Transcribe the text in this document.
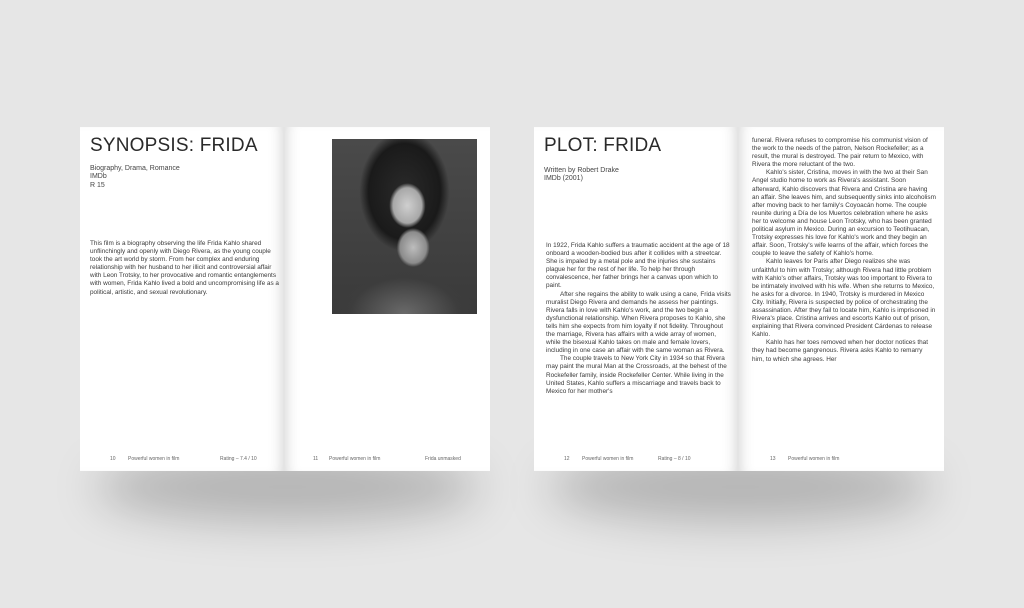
SYNOPSIS: FRIDA
Biography, Drama, Romance
IMDb
R 15

This film is a biography observing the life Frida Kahlo shared unflinchingly and openly with Diego Rivera, as the young couple took the art world by storm. From her complex and enduring relationship with her husband to her illicit and controversial affair with Leon Trotsky, to her provocative and romantic entanglements with women, Frida Kahlo lived a bold and uncompromising life as a political, artistic, and sexual revolutionary.

10 Powerful women in film	Rating – 7.4 / 10	11 Powerful women in film	Frida unmasked
PLOT: FRIDA
Written by Robert Drake
IMDb (2001)

In 1922, Frida Kahlo suffers a traumatic accident at the age of 18 onboard a wooden-bodied bus after it collides with a streetcar. She is impaled by a metal pole and the injuries she sustains plague her for the rest of her life. To help her through convalescence, her father brings her a canvas upon which to paint.

After she regains the ability to walk using a cane, Frida visits muralist Diego Rivera and demands he assess her paintings. Rivera falls in love with Kahlo's work, and the two begin a dysfunctional relationship. When Rivera proposes to Kahlo, she tells him she expects from him loyalty if not fidelity. Throughout the marriage, Rivera has affairs with a wide array of women, while the bisexual Kahlo takes on male and female lovers, including in one case an affair with the same woman as Rivera.

The couple travels to New York City in 1934 so that Rivera may paint the mural Man at the Crossroads, at the behest of the Rockefeller family, inside Rockefeller Center. While living in the United States, Kahlo suffers a miscarriage and travels back to Mexico for her mother's

12 Powerful women in film	Rating – 8 / 10

funeral. Rivera refuses to compromise his communist vision of the work to the needs of the patron, Nelson Rockefeller; as a result, the mural is destroyed. The pair return to Mexico, with Rivera the more reluctant of the two.

Kahlo's sister, Cristina, moves in with the two at their San Angel studio home to work as Rivera's assistant. Soon afterward, Kahlo discovers that Rivera and Cristina are having an affair. She leaves him, and subsequently sinks into alcoholism after moving back to her family's Coyoacán home. The couple reunite during a Día de los Muertos celebration where he asks her to welcome and house Leon Trotsky, who has been granted political asylum in Mexico. During an excursion to Teotihuacan, Trotsky expresses his love for Kahlo's work and they begin an affair. Soon, Trotsky's wife learns of the affair, which forces the couple to leave the safety of Kahlo's home.

Kahlo leaves for Paris after Diego realizes she was unfaithful to him with Trotsky; although Rivera had little problem with Kahlo's other affairs, Trotsky was too important to Rivera to be intimately involved with his wife. When she returns to Mexico, he asks for a divorce. In 1940, Trotsky is murdered in Mexico City. Initially, Rivera is suspected by police of orchestrating the assassination. After they fail to locate him, Kahlo is imprisoned in Rivera's place. Cristina arrives and escorts Kahlo out of prison, explaining that Rivera convinced President Cárdenas to release Kahlo.

Kahlo has her toes removed when her doctor notices that they had become gangrenous. Rivera asks Kahlo to remarry him, to which she agrees. Her

13 Powerful women in film
